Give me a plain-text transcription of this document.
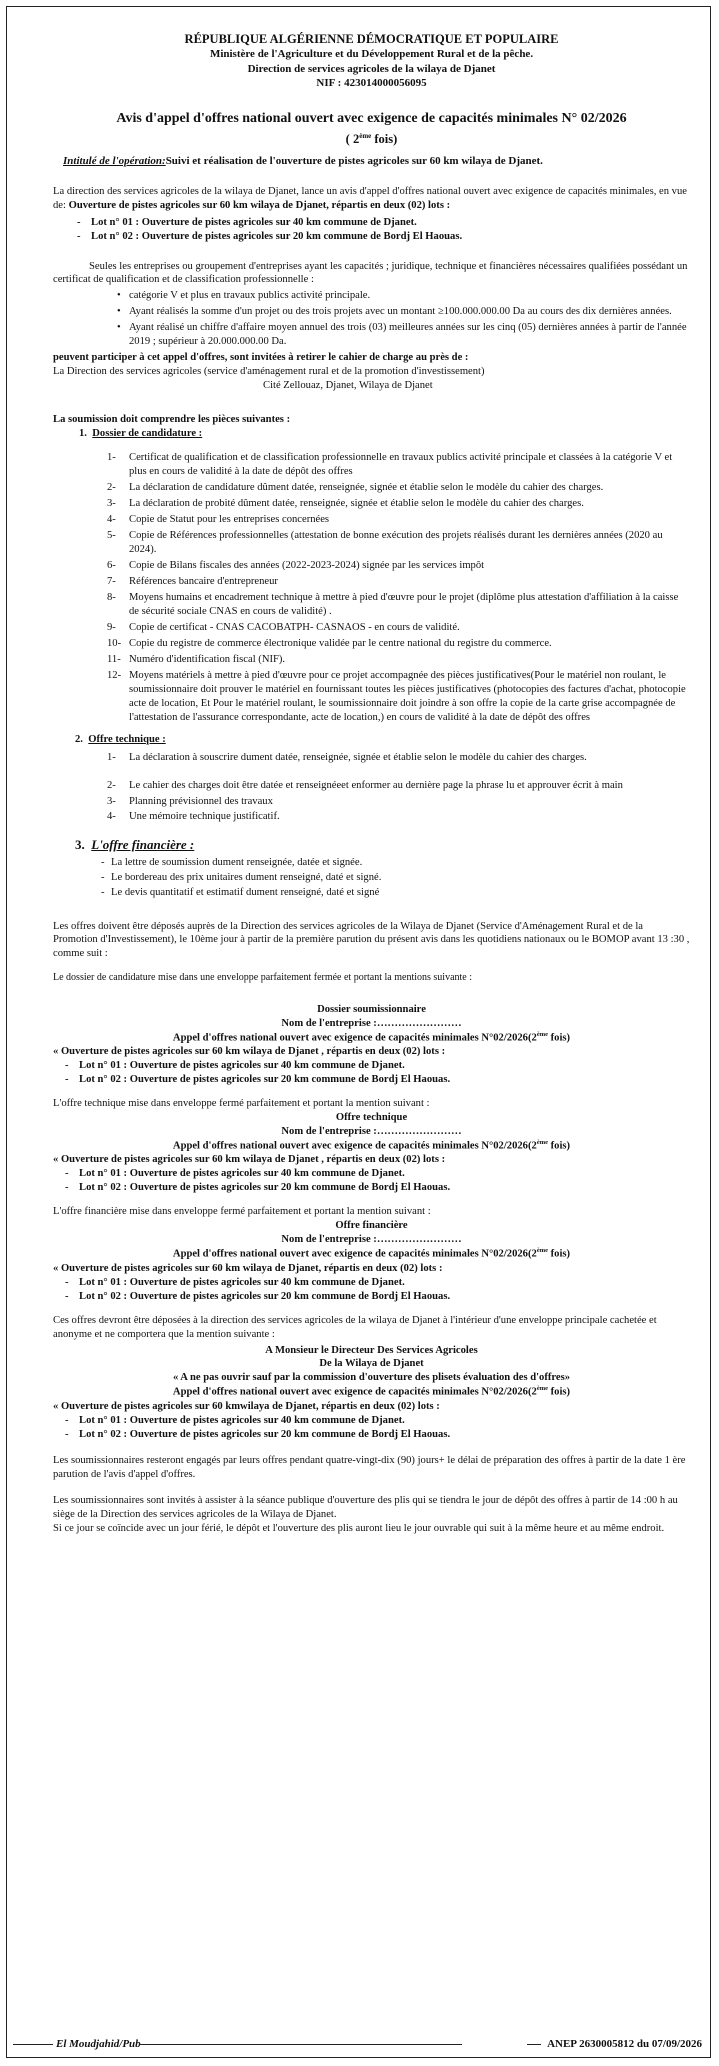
RÉPUBLIQUE ALGÉRIENNE DÉMOCRATIQUE ET POPULAIRE
Ministère de l'Agriculture et du Développement Rural et de la pêche.
Direction de services agricoles de la wilaya de Djanet
NIF : 423014000056095
Avis d'appel d'offres national ouvert avec exigence de capacités minimales N° 02/2026
( 2ème fois)
Intitulé de l'opération:Suivi et réalisation de l'ouverture de pistes agricoles sur 60 km wilaya de Djanet.

La direction des services agricoles de la wilaya de Djanet, lance un avis d'appel d'offres national ouvert avec exigence de capacités minimales, en vue de: Ouverture de pistes agricoles sur 60 km wilaya de Djanet, répartis en deux (02) lots :

- Lot n° 01 : Ouverture de pistes agricoles sur 40 km commune de Djanet.
- Lot n° 02 : Ouverture de pistes agricoles sur 20 km commune de Bordj El Haouas.

Seules les entreprises ou groupement d'entreprises ayant les capacités ; juridique, technique et financières nécessaires qualifiées possédant un certificat de qualification et de classification professionnelle :

• catégorie V et plus en travaux publics activité principale.
• Ayant réalisés la somme d'un projet ou des trois projets avec un montant ≥100.000.000.00 Da au cours des dix dernières années.
• Ayant réalisé un chiffre d'affaire moyen annuel des trois (03) meilleures années sur les cinq (05) dernières années à partir de l'année 2019 ; supérieur à 20.000.000.00 Da.

peuvent participer à cet appel d'offres, sont invitées à retirer le cahier de charge au près de :

La Direction des services agricoles (service d'aménagement rural et de la promotion d'investissement)

Cité Zellouaz, Djanet, Wilaya de Djanet

La soumission doit comprendre les pièces suivantes :

1. Dossier de candidature :
1- Certificat de qualification et de classification professionnelle en travaux publics activité principale et classées à la catégorie V et plus en cours de validité à la date de dépôt des offres
2- La déclaration de candidature dûment datée, renseignée, signée et établie selon le modèle du cahier des charges.
3- La déclaration de probité dûment datée, renseignée, signée et établie selon le modèle du cahier des charges.
4- Copie de Statut pour les entreprises concernées
5- Copie de Références professionnelles (attestation de bonne exécution des projets réalisés durant les dernières années (2020 au 2024).
6- Copie de Bilans fiscales des années (2022-2023-2024) signée par les services impôt
7- Références bancaire d'entrepreneur
8- Moyens humains et encadrement technique à mettre à pied d'œuvre pour le projet (diplôme plus attestation d'affiliation à la caisse de sécurité sociale CNAS en cours de validité) .
9- Copie de certificat - CNAS CACOBATPH- CASNAOS - en cours de validité.
10- Copie du registre de commerce électronique validée par le centre national du registre du commerce.
11- Numéro d'identification fiscal (NIF).
12- Moyens matériels à mettre à pied d'œuvre pour ce projet accompagnée des pièces justificatives(Pour le matériel non roulant, le soumissionnaire doit prouver le matériel en fournissant toutes les pièces justificatives (photocopies des factures d'achat, photocopie acte de location, Et Pour le matériel roulant, le soumissionnaire doit joindre à son offre la copie de la carte grise accompagnée de l'attestation de l'assurance correspondante, acte de location,) en cours de validité à la date de dépôt des offres
2. Offre technique :
1- La déclaration à souscrire dument datée, renseignée, signée et établie selon le modèle du cahier des charges.
2- Le cahier des charges doit être datée et renseignéeet enformer au dernière page la phrase lu et approuver écrit à main
3- Planning prévisionnel des travaux
4- Une mémoire technique justificatif.
3. L'offre financière :
- La lettre de soumission dument renseignée, datée et signée.
- Le bordereau des prix unitaires dument renseigné, daté et signé.
- Le devis quantitatif et estimatif dument renseigné, daté et signé

Les offres doivent être déposés auprès de la Direction des services agricoles de la Wilaya de Djanet (Service d'Aménagement Rural et de la Promotion d'Investissement), le 10ème jour à partir de la première parution du présent avis dans les quotidiens nationaux ou le BOMOP avant 13 :30 , comme suit :

Le dossier de candidature mise dans une enveloppe parfaitement fermée et portant la mentions suivante :

Dossier soumissionnaire
Nom de l'entreprise :……………………
Appel d'offres national ouvert avec exigence de capacités minimales N°02/2026(2ème fois)
« Ouverture de pistes agricoles sur 60 km wilaya de Djanet , répartis en deux (02) lots :
- Lot n° 01 : Ouverture de pistes agricoles sur 40 km commune de Djanet.
- Lot n° 02 : Ouverture de pistes agricoles sur 20 km commune de Bordj El Haouas.

L'offre technique mise dans enveloppe fermé parfaitement et portant la mention suivant :

Offre technique
Nom de l'entreprise :……………………
Appel d'offres national ouvert avec exigence de capacités minimales N°02/2026(2ème fois)
« Ouverture de pistes agricoles sur 60 km wilaya de Djanet , répartis en deux (02) lots :
- Lot n° 01 : Ouverture de pistes agricoles sur 40 km commune de Djanet.
- Lot n° 02 : Ouverture de pistes agricoles sur 20 km commune de Bordj El Haouas.

L'offre financière mise dans enveloppe fermé parfaitement et portant la mention suivant :

Offre financière
Nom de l'entreprise :……………………
Appel d'offres national ouvert avec exigence de capacités minimales N°02/2026(2ème fois)
« Ouverture de pistes agricoles sur 60 km wilaya de Djanet, répartis en deux (02) lots :
- Lot n° 01 : Ouverture de pistes agricoles sur 40 km commune de Djanet.
- Lot n° 02 : Ouverture de pistes agricoles sur 20 km commune de Bordj El Haouas.

Ces offres devront être déposées à la direction des services agricoles de la wilaya de Djanet à l'intérieur d'une enveloppe principale cachetée et anonyme et ne comportera que la mention suivante :

A Monsieur le Directeur Des Services Agricoles
De la Wilaya de Djanet
« A ne pas ouvrir sauf par la commission d'ouverture des plisets évaluation des d'offres»
Appel d'offres national ouvert avec exigence de capacités minimales N°02/2026(2ème fois)
« Ouverture de pistes agricoles sur 60 kmwilaya de Djanet, répartis en deux (02) lots :
- Lot n° 01 : Ouverture de pistes agricoles sur 40 km commune de Djanet.
- Lot n° 02 : Ouverture de pistes agricoles sur 20 km commune de Bordj El Haouas.

Les soumissionnaires resteront engagés par leurs offres pendant quatre-vingt-dix (90) jours+ le délai de préparation des offres à partir de la date 1 ère parution de l'avis d'appel d'offres.

Les soumissionnaires sont invités à assister à la séance publique d'ouverture des plis qui se tiendra le jour de dépôt des offres à partir de 14 :00 h au siège de la Direction des services agricoles de la Wilaya de Djanet.

Si ce jour se coïncide avec un jour férié, le dépôt et l'ouverture des plis auront lieu le jour ouvrable qui suit à la même heure et au même endroit.

El Moudjahid/Pub	ANEP 2630005812 du 07/09/2026
